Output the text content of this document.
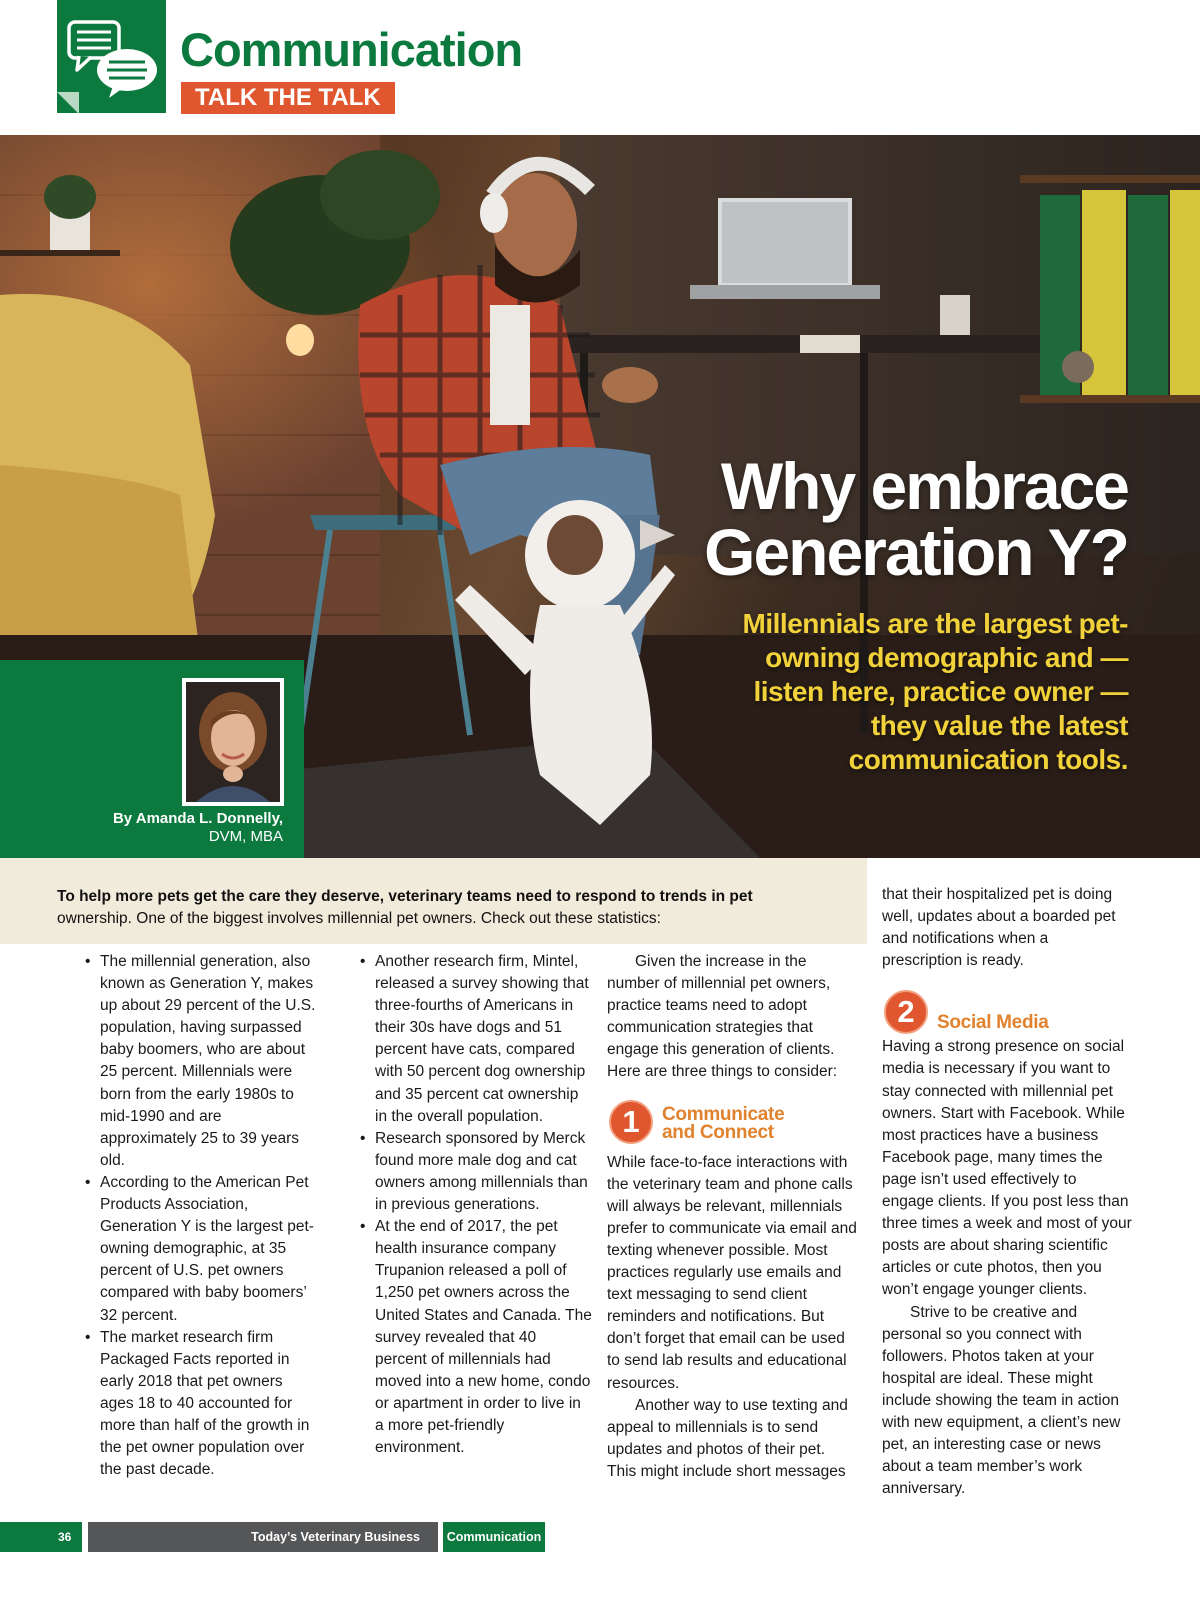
Communication
TALK THE TALK
Why embrace
Generation Y?
Millennials are the largest pet-owning demographic and — listen here, practice owner — they value the latest communication tools.
By Amanda L. Donnelly,
DVM, MBA

To help more pets get the care they deserve, veterinary teams need to respond to trends in pet
ownership. One of the biggest involves millennial pet owners. Check out these statistics:

• The millennial generation, also known as Generation Y, makes up about 29 percent of the U.S. population, having surpassed baby boomers, who are about 25 percent. Millennials were born from the early 1980s to mid-1990 and are approximately 25 to 39 years old.
• According to the American Pet Products Association, Generation Y is the largest pet-owning demographic, at 35 percent of U.S. pet owners compared with baby boomers’ 32 percent.
• The market research firm Packaged Facts reported in early 2018 that pet owners ages 18 to 40 accounted for more than half of the growth in the pet owner population over the past decade.
• Another research firm, Mintel, released a survey showing that three-fourths of Americans in their 30s have dogs and 51 percent have cats, compared with 50 percent dog ownership and 35 percent cat ownership in the overall population.
• Research sponsored by Merck found more male dog and cat owners among millennials than in previous generations.
• At the end of 2017, the pet health insurance company Trupanion released a poll of 1,250 pet owners across the United States and Canada. The survey revealed that 40 percent of millennials had moved into a new home, condo or apartment in order to live in a more pet-friendly environment.

Given the increase in the number of millennial pet owners, practice teams need to adopt communication strategies that engage this generation of clients. Here are three things to consider:

1	Communicate
and Connect

While face-to-face interactions with the veterinary team and phone calls will always be relevant, millennials prefer to communicate via email and texting whenever possible. Most practices regularly use emails and text messaging to send client reminders and notifications. But don’t forget that email can be used to send lab results and educational resources.

Another way to use texting and appeal to millennials is to send updates and photos of their pet. This might include short messages

that their hospitalized pet is doing well, updates about a boarded pet and notifications when a prescription is ready.

2	Social Media

Having a strong presence on social media is necessary if you want to stay connected with millennial pet owners. Start with Facebook. While most practices have a business Facebook page, many times the page isn’t used effectively to engage clients. If you post less than three times a week and most of your posts are about sharing scientific articles or cute photos, then you won’t engage younger clients.

Strive to be creative and personal so you connect with followers. Photos taken at your hospital are ideal. These might include showing the team in action with new equipment, a client’s new pet, an interesting case or news about a team member’s work anniversary.

36	Today’s Veterinary Business	Communication
